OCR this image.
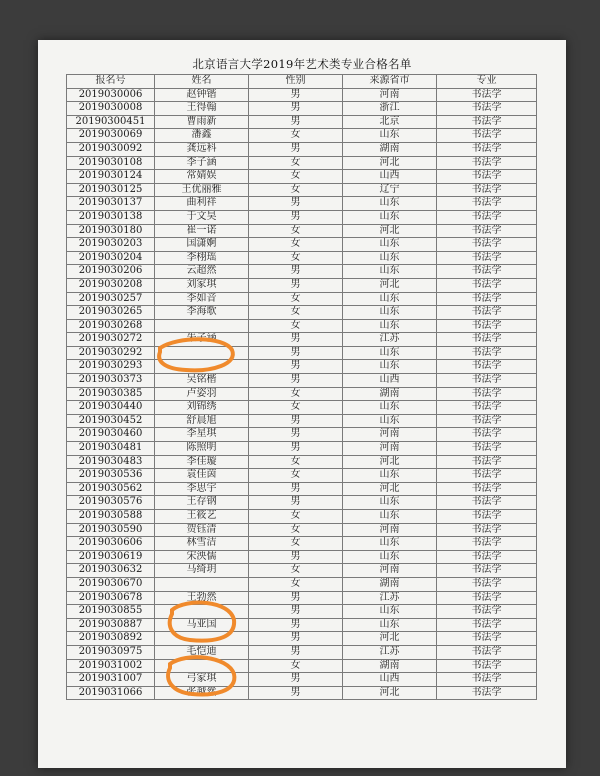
北京语言大学2019年艺术类专业合格名单
报名号	姓名	性别	来源省市	专业
2019030006	赵钟锴	男	河南	书法学
2019030008	王得翰	男	浙江	书法学
20190300451	曹雨新	男	北京	书法学
2019030069	潘鑫	女	山东	书法学
2019030092	龚远科	男	湖南	书法学
2019030108	李子涵	女	河北	书法学
2019030124	常婧娱	女	山西	书法学
2019030125	王优丽雅	女	辽宁	书法学
2019030137	曲利祥	男	山东	书法学
2019030138	于文昊	男	山东	书法学
2019030180	崔一诺	女	河北	书法学
2019030203	国潇婀	女	山东	书法学
2019030204	李栩瑶	女	山东	书法学
2019030206	云超然	男	山东	书法学
2019030208	刘家琪	男	河北	书法学
2019030257	李如音	女	山东	书法学
2019030265	李海歌	女	山东	书法学
2019030268		女	山东	书法学
2019030272	朱子涵	男	江苏	书法学
2019030292		男	山东	书法学
2019030293		男	山东	书法学
2019030373	吴铭楷	男	山西	书法学
2019030385	卢姿羽	女	湖南	书法学
2019030440	刘锦绣	女	山东	书法学
2019030452	舒晨旭	男	山东	书法学
2019030460	李星琪	男	河南	书法学
2019030481	陈照明	男	河南	书法学
2019030483	李佳璇	女	河北	书法学
2019030536	袁佳茵	女	山东	书法学
2019030562	李思宇	男	河北	书法学
2019030576	王存钢	男	山东	书法学
2019030588	王筱艺	女	山东	书法学
2019030590	贺钰清	女	河南	书法学
2019030606	林雪洁	女	山东	书法学
2019030619	宋泱儒	男	山东	书法学
2019030632	马绮玥	女	河南	书法学
2019030670		女	湖南	书法学
2019030678	王勃然	男	江苏	书法学
2019030855		男	山东	书法学
2019030887	马亚国	男	山东	书法学
2019030892		男	河北	书法学
2019030975	毛恺迪	男	江苏	书法学
2019031002		女	湖南	书法学
2019031007	弓家琪	男	山西	书法学
2019031066	张越然	男	河北	书法学
